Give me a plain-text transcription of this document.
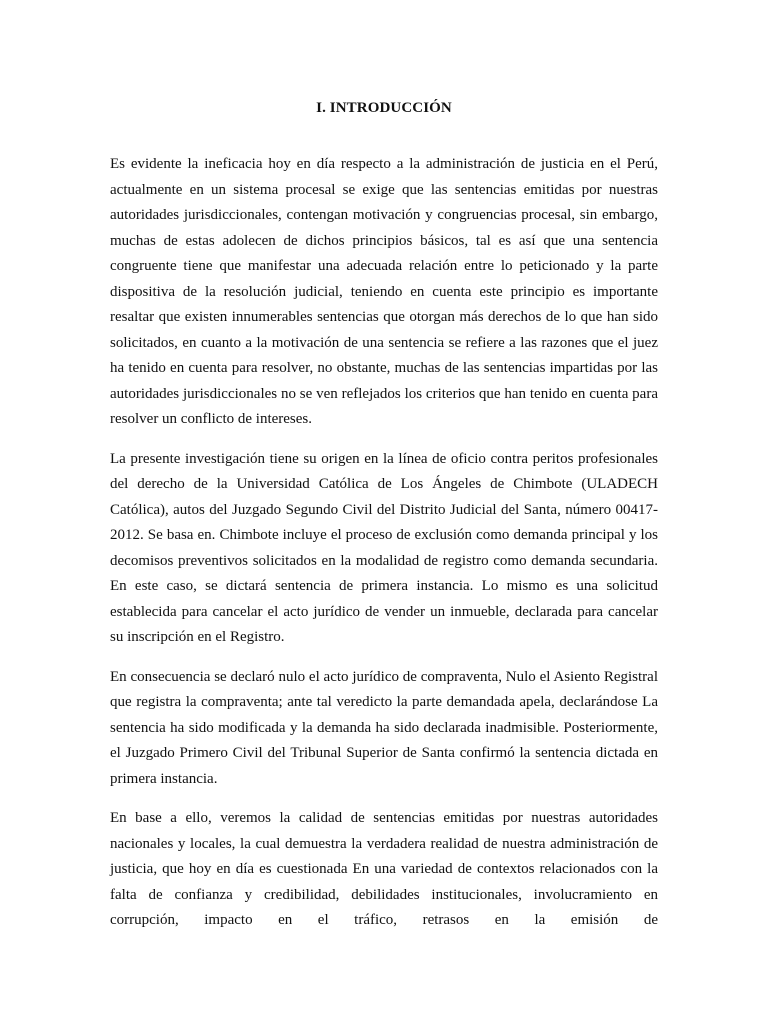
I. INTRODUCCIÓN

Es evidente la ineficacia hoy en día respecto a la administración de justicia en el Perú, actualmente en un sistema procesal se exige que las sentencias emitidas por nuestras autoridades jurisdiccionales, contengan motivación y congruencias procesal, sin embargo, muchas de estas adolecen de dichos principios básicos, tal es así que una sentencia congruente tiene que manifestar una adecuada relación entre lo peticionado y la parte dispositiva de la resolución judicial, teniendo en cuenta este principio es importante resaltar que existen innumerables sentencias que otorgan más derechos de lo que han sido solicitados, en cuanto a la motivación de una sentencia se refiere a las razones que el juez ha tenido en cuenta para resolver, no obstante, muchas de las sentencias impartidas por las autoridades jurisdiccionales no se ven reflejados los criterios que han tenido en cuenta para resolver un conflicto de intereses.

La presente investigación tiene su origen en la línea de oficio contra peritos profesionales del derecho de la Universidad Católica de Los Ángeles de Chimbote (ULADECH Católica), autos del Juzgado Segundo Civil del Distrito Judicial del Santa, número 00417-2012. Se basa en. Chimbote incluye el proceso de exclusión como demanda principal y los decomisos preventivos solicitados en la modalidad de registro como demanda secundaria. En este caso, se dictará sentencia de primera instancia. Lo mismo es una solicitud establecida para cancelar el acto jurídico de vender un inmueble, declarada para cancelar su inscripción en el Registro.

En consecuencia se declaró nulo el acto jurídico de compraventa, Nulo el Asiento Registral que registra la compraventa; ante tal veredicto la parte demandada apela, declarándose La sentencia ha sido modificada y la demanda ha sido declarada inadmisible. Posteriormente, el Juzgado Primero Civil del Tribunal Superior de Santa confirmó la sentencia dictada en primera instancia.

En base a ello, veremos la calidad de sentencias emitidas por nuestras autoridades nacionales y locales, la cual demuestra la verdadera realidad de nuestra administración de justicia, que hoy en día es cuestionada En una variedad de contextos relacionados con la falta de confianza y credibilidad, debilidades institucionales, involucramiento en corrupción, impacto en el tráfico, retrasos en la emisión de
